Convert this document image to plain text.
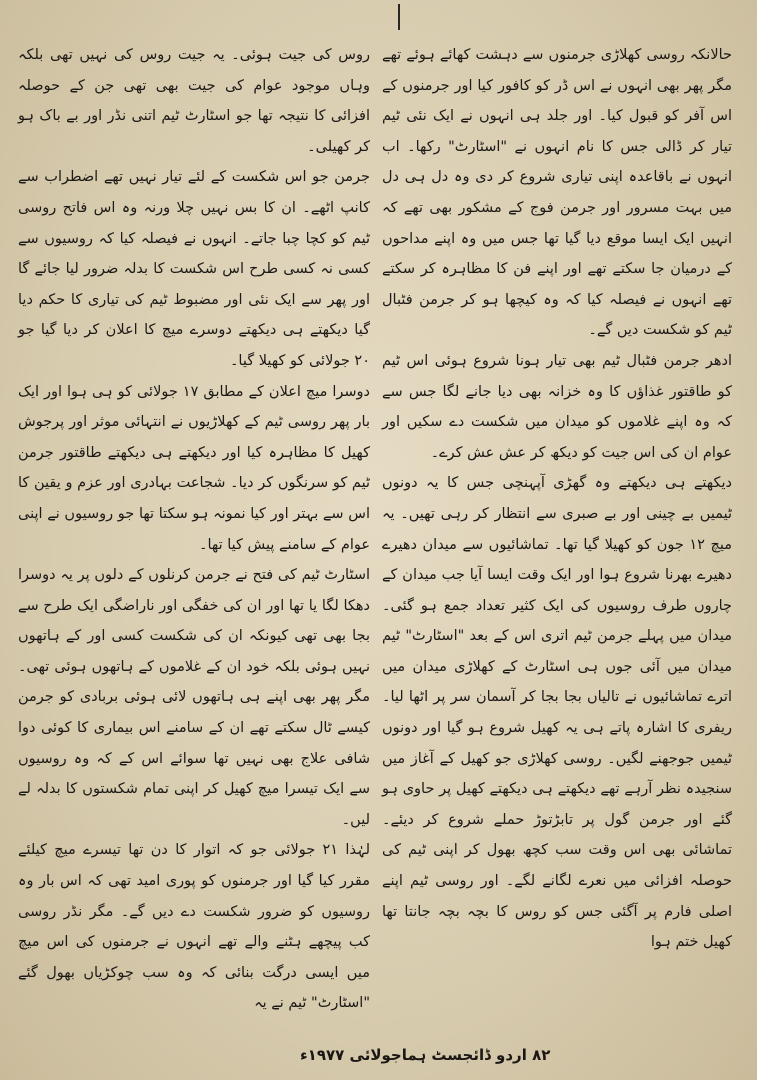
حالانکہ روسی کھلاڑی جرمنوں سے دہشت کھائے ہوئے تھے مگر پھر بھی انہوں نے اس ڈر کو کافور کیا اور جرمنوں کے اس آفر کو قبول کیا۔ اور جلد ہی انہوں نے ایک نئی ٹیم تیار کر ڈالی جس کا نام انہوں نے "اسٹارٹ" رکھا۔ اب انہوں نے باقاعدہ اپنی تیاری شروع کر دی وہ دل ہی دل میں بہت مسرور اور جرمن فوج کے مشکور بھی تھے کہ انہیں ایک ایسا موقع دیا گیا تھا جس میں وہ اپنے مداحوں کے درمیان جا سکتے تھے اور اپنے فن کا مظاہرہ کر سکتے تھے انہوں نے فیصلہ کیا کہ وہ کیچھا ہو کر جرمن فٹبال ٹیم کو شکست دیں گے۔

ادھر جرمن فٹبال ٹیم بھی تیار ہونا شروع ہوئی اس ٹیم کو طاقتور غذاؤں کا وہ خزانہ بھی دیا جانے لگا جس سے کہ وہ اپنے غلاموں کو میدان میں شکست دے سکیں اور عوام ان کی اس جیت کو دیکھ کر عش عش کرے۔

دیکھتے ہی دیکھتے وہ گھڑی آپہنچی جس کا یہ دونوں ٹیمیں بے چینی اور بے صبری سے انتظار کر رہی تھیں۔ یہ میچ ۱۲ جون کو کھیلا گیا تھا۔ تماشائیوں سے میدان دھیرے دھیرے بھرنا شروع ہوا اور ایک وقت ایسا آیا جب میدان کے چاروں طرف روسیوں کی ایک کثیر تعداد جمع ہو گئی۔ میدان میں پہلے جرمن ٹیم اتری اس کے بعد "اسٹارٹ" ٹیم میدان میں آئی جوں ہی اسٹارٹ کے کھلاڑی میدان میں اترے تماشائیوں نے تالیاں بجا بجا کر آسمان سر پر اٹھا لیا۔ ریفری کا اشارہ پاتے ہی یہ کھیل شروع ہو گیا اور دونوں ٹیمیں جوجھنے لگیں۔ روسی کھلاڑی جو کھیل کے آغاز میں سنجیدہ نظر آرہے تھے دیکھتے ہی دیکھتے کھیل پر حاوی ہو گئے اور جرمن گول پر تابڑتوڑ حملے شروع کر دیئے۔ تماشائی بھی اس وقت سب کچھ بھول کر اپنی ٹیم کی حوصلہ افزائی میں نعرے لگانے لگے۔ اور روسی ٹیم اپنے اصلی فارم پر آگئی جس کو روس کا بچہ بچہ جانتا تھا کھیل ختم ہوا

روس کی جیت ہوئی۔ یہ جیت روس کی نہیں تھی بلکہ وہاں موجود عوام کی جیت بھی تھی جن کے حوصلہ افزائی کا نتیجہ تھا جو اسٹارٹ ٹیم اتنی نڈر اور بے باک ہو کر کھیلی۔

جرمن جو اس شکست کے لئے تیار نہیں تھے اضطراب سے کانپ اٹھے۔ ان کا بس نہیں چلا ورنہ وہ اس فاتح روسی ٹیم کو کچا چبا جاتے۔ انہوں نے فیصلہ کیا کہ روسیوں سے کسی نہ کسی طرح اس شکست کا بدلہ ضرور لیا جائے گا اور پھر سے ایک نئی اور مضبوط ٹیم کی تیاری کا حکم دیا گیا دیکھتے ہی دیکھتے دوسرے میچ کا اعلان کر دیا گیا جو ۲۰ جولائی کو کھیلا گیا۔

دوسرا میچ اعلان کے مطابق ۱۷ جولائی کو ہی ہوا اور ایک بار پھر روسی ٹیم کے کھلاڑیوں نے انتہائی موثر اور پرجوش کھیل کا مظاہرہ کیا اور دیکھتے ہی دیکھتے طاقتور جرمن ٹیم کو سرنگوں کر دیا۔ شجاعت بہادری اور عزم و یقین کا اس سے بہتر اور کیا نمونہ ہو سکتا تھا جو روسیوں نے اپنی عوام کے سامنے پیش کیا تھا۔

اسٹارٹ ٹیم کی فتح نے جرمن کرنلوں کے دلوں پر یہ دوسرا دھکا لگا یا تھا اور ان کی خفگی اور ناراضگی ایک طرح سے بجا بھی تھی کیونکہ ان کی شکست کسی اور کے ہاتھوں نہیں ہوئی بلکہ خود ان کے غلاموں کے ہاتھوں ہوئی تھی۔ مگر پھر بھی اپنے ہی ہاتھوں لائی ہوئی بربادی کو جرمن کیسے ٹال سکتے تھے ان کے سامنے اس بیماری کا کوئی دوا شافی علاج بھی نہیں تھا سوائے اس کے کہ وہ روسیوں سے ایک تیسرا میچ کھیل کر اپنی تمام شکستوں کا بدلہ لے لیں۔

لہٰذا ۲۱ جولائی جو کہ اتوار کا دن تھا تیسرے میچ کیلئے مقرر کیا گیا اور جرمنوں کو پوری امید تھی کہ اس بار وہ روسیوں کو ضرور شکست دے دیں گے۔ مگر نڈر روسی کب پیچھے ہٹنے والے تھے انہوں نے جرمنوں کی اس میچ میں ایسی درگت بنائی کہ وہ سب چوکڑیاں بھول گئے "اسٹارٹ" ٹیم نے یہ

۸۲ اردو ڈائجسٹ ہماجولائی ۱۹۷۷ء
